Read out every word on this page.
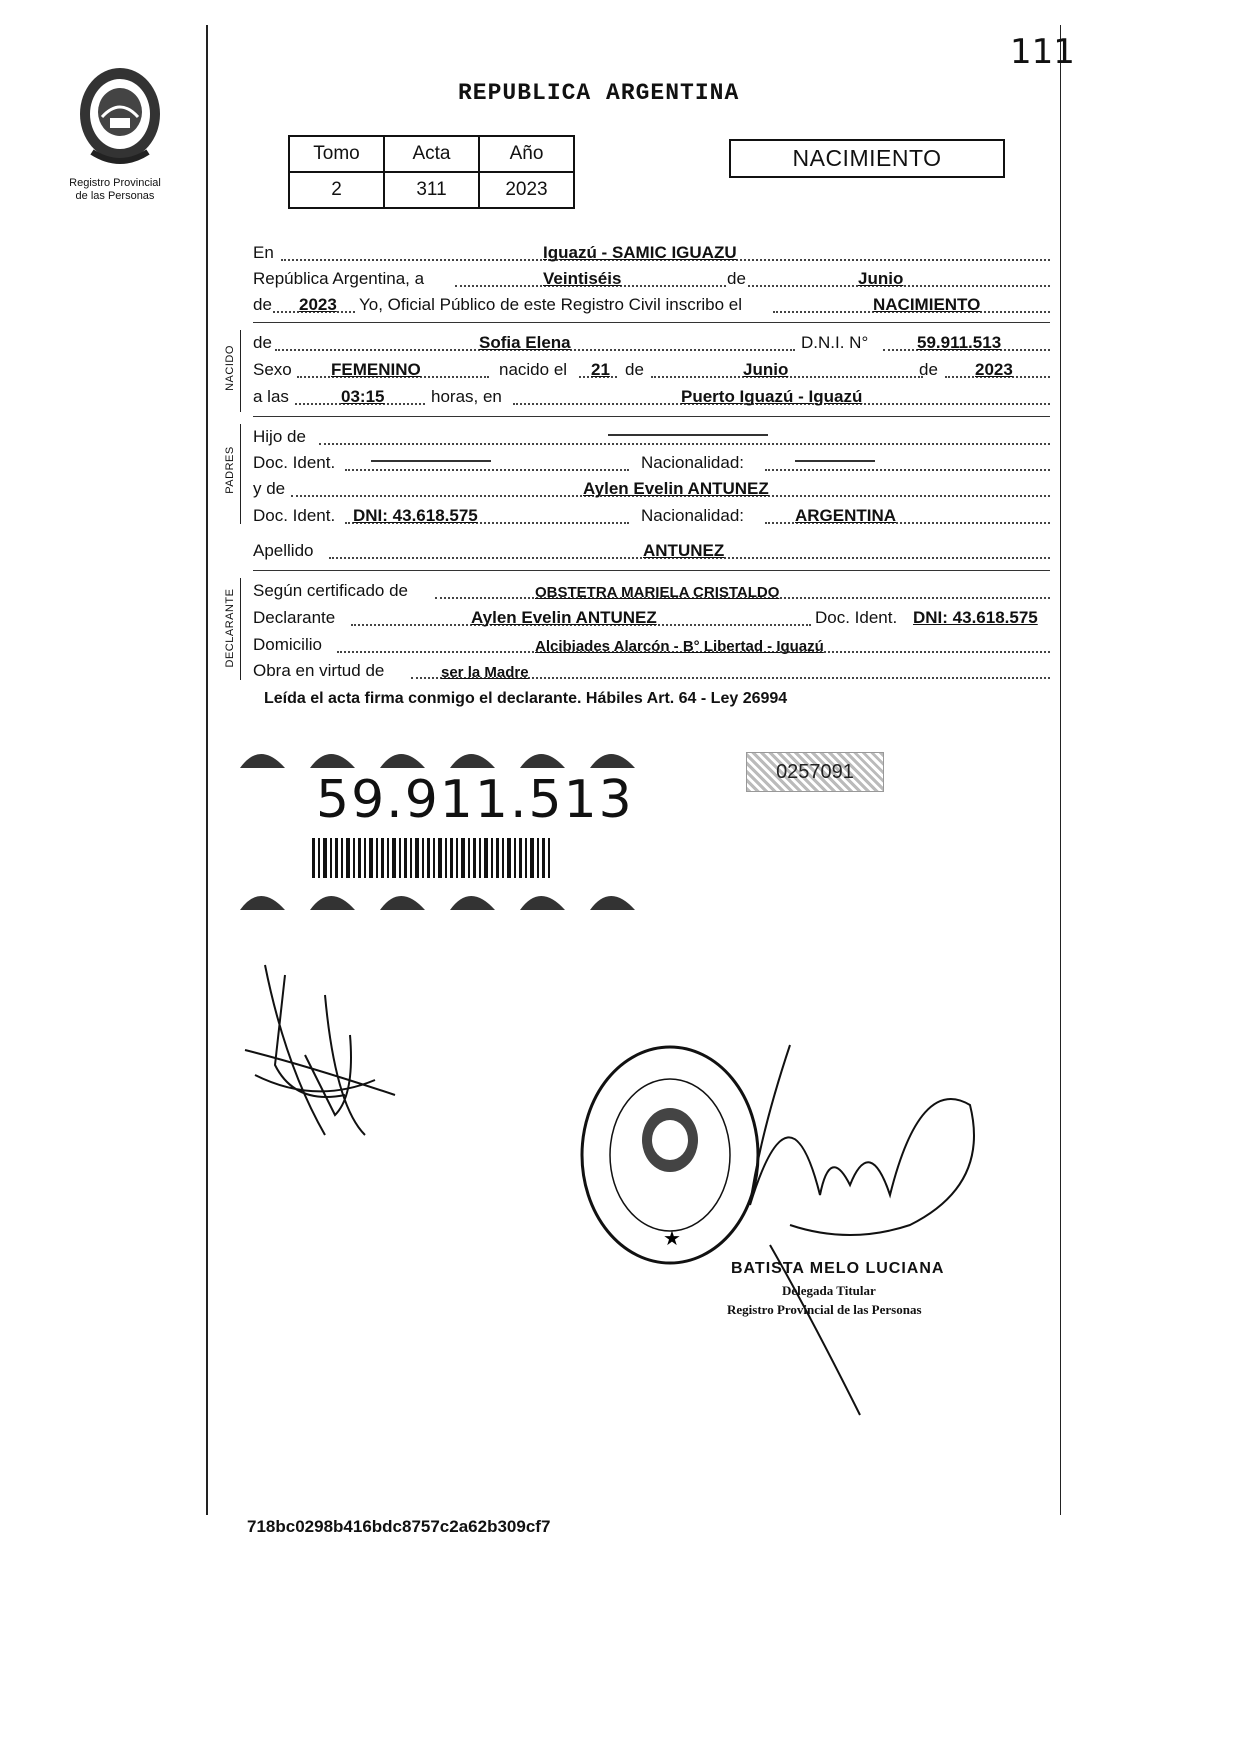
111
Registro Provincial
de las Personas
REPUBLICA ARGENTINA
Tomo	Acta	Año
2	311	2023
NACIMIENTO
En	Iguazú - SAMIC IGUAZU
República Argentina, a	Veintiséis	de	Junio
de 2023 Yo, Oficial Público de este Registro Civil inscribo el	NACIMIENTO
NACIDO
de	Sofia Elena	D.N.I. N°	59.911.513
Sexo FEMENINO	nacido el 21 de	Junio	de 2023
a las	03:15	horas, en	Puerto Iguazú - Iguazú
PADRES
Hijo de
Doc. Ident.	Nacionalidad:
y de	Aylen Evelin ANTUNEZ
Doc. Ident. DNI: 43.618.575	Nacionalidad:	ARGENTINA
Apellido	ANTUNEZ
DECLARANTE Según certificado de	OBSTETRA MARIELA CRISTALDO
Declarante	Aylen Evelin ANTUNEZ	Doc. Ident. DNI: 43.618.575
Domicilio	Alcibiades Alarcón - B° Libertad - Iguazú
Obra en virtud de	ser la Madre
Leída el acta firma conmigo el declarante. Hábiles Art. 64 - Ley 26994
59.911.513	0257091
★
BATISTA MELO LUCIANA
Delegada Titular
Registro Provincial de las Personas
718bc0298b416bdc8757c2a62b309cf7
